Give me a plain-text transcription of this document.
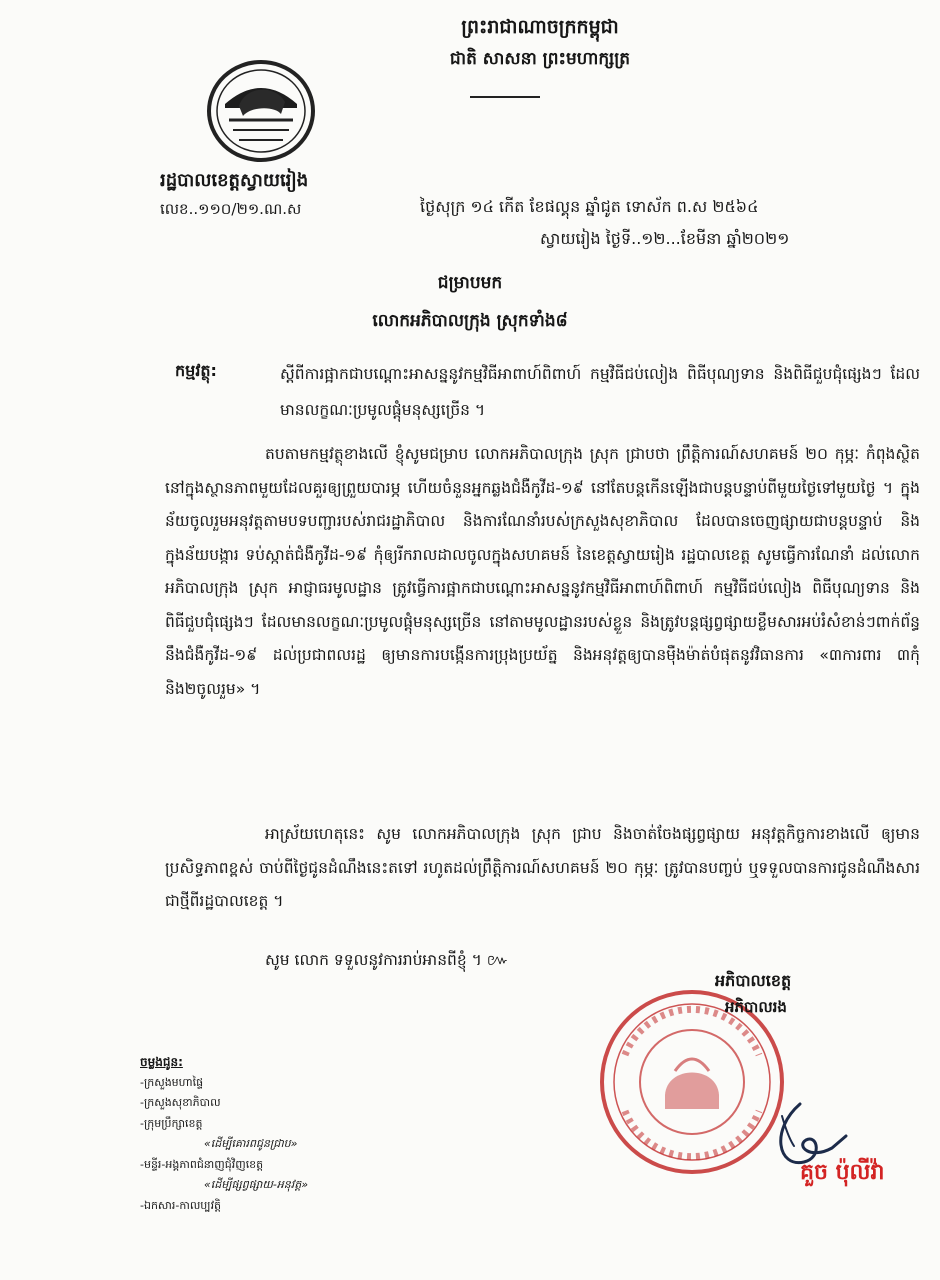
ព្រះរាជាណាចក្រកម្ពុជា
ជាតិ សាសនា ព្រះមហាក្សត្រ
រដ្ឋបាលខេត្តស្វាយរៀង
លេខ..១១០/២១.ណ.ស	ថ្ងៃសុក្រ ១៤ កើត ខែផល្គុន ឆ្នាំជូត ទោស័ក ព.ស ២៥៦៤
ស្វាយរៀង ថ្ងៃទី..១២...ខែមីនា ឆ្នាំ២០២១
ជម្រាបមក
លោកអភិបាលក្រុង ស្រុកទាំង៨
កម្មវត្ថុ:	ស្តីពីការផ្អាកជាបណ្តោះអាសន្ននូវកម្មវិធីអាពាហ៍ពិពាហ៍ កម្មវិធីជប់លៀង ពិធីបុណ្យទាន និងពិធីជួបជុំផ្សេងៗ ដែលមានលក្ខណៈប្រមូលផ្តុំមនុស្សច្រើន ។
តបតាមកម្មវត្ថុខាងលើ ខ្ញុំសូមជម្រាប លោកអភិបាលក្រុង ស្រុក ជ្រាបថា ព្រឹត្តិការណ៍សហគមន៍ ២០ កុម្ភៈ កំពុងស្ថិតនៅក្នុងស្ថានភាពមួយដែលគួរឲ្យព្រួយបារម្ភ ហើយចំនួនអ្នកឆ្លងជំងឺកូវីដ-១៩ នៅតែបន្តកើនឡើងជាបន្តបន្ទាប់ពីមួយថ្ងៃទៅមួយថ្ងៃ ។ ក្នុងន័យចូលរួមអនុវត្តតាមបទបញ្ជារបស់រាជរដ្ឋាភិបាល និងការណែនាំរបស់ក្រសួងសុខាភិបាល ដែលបានចេញផ្សាយជាបន្តបន្ទាប់ និងក្នុងន័យបង្ការ ទប់ស្កាត់ជំងឺកូវីដ-១៩ កុំឲ្យរីករាលដាលចូលក្នុងសហគមន៍ នៃខេត្តស្វាយរៀង រដ្ឋបាលខេត្ត សូមធ្វើការណែនាំ ដល់លោកអភិបាលក្រុង ស្រុក អាជ្ញាធរមូលដ្ឋាន ត្រូវធ្វើការផ្អាកជាបណ្តោះអាសន្ននូវកម្មវិធីអាពាហ៍ពិពាហ៍ កម្មវិធីជប់លៀង ពិធីបុណ្យទាន និងពិធីជួបជុំផ្សេងៗ ដែលមានលក្ខណៈប្រមូលផ្តុំមនុស្សច្រើន នៅតាមមូលដ្ឋានរបស់ខ្លួន និងត្រូវបន្តផ្សព្វផ្សាយខ្លឹមសារអប់រំសំខាន់ៗពាក់ព័ន្ធនឹងជំងឺកូវីដ-១៩ ដល់ប្រជាពលរដ្ឋ ឲ្យមានការបង្កើនការប្រុងប្រយ័ត្ន និងអនុវត្តឲ្យបានម៉ឺងម៉ាត់បំផុតនូវវិធានការ «៣ការពារ ៣កុំ និង២ចូលរួម» ។
អាស្រ័យហេតុនេះ សូម លោកអភិបាលក្រុង ស្រុក ជ្រាប និងចាត់ចែងផ្សព្វផ្សាយ អនុវត្តកិច្ចការខាងលើ ឲ្យមានប្រសិទ្ធភាពខ្ពស់ ចាប់ពីថ្ងៃជូនដំណឹងនេះតទៅ រហូតដល់ព្រឹត្តិការណ៍សហគមន៍ ២០ កុម្ភៈ ត្រូវបានបញ្ចប់ ឬទទួលបានការជូនដំណឹងសារជាថ្មីពីរដ្ឋបាលខេត្ត ។
សូម លោក ទទួលនូវការរាប់អានពីខ្ញុំ ។ ៚
អភិបាលខេត្ត
អភិបាលរង
គួច ប៉ុលីវ៉ា
ចម្លងជូន:
-ក្រសួងមហាផ្ទៃ
-ក្រសួងសុខាភិបាល
-ក្រុមប្រឹក្សាខេត្ត
«ដើម្បីគោរពជូនជ្រាប»
-មន្ទីរ-អង្គភាពជំនាញជុំវិញខេត្ត
«ដើម្បីផ្សព្វផ្សាយ-អនុវត្ត»
-ឯកសារ-កាលប្បវត្តិ
